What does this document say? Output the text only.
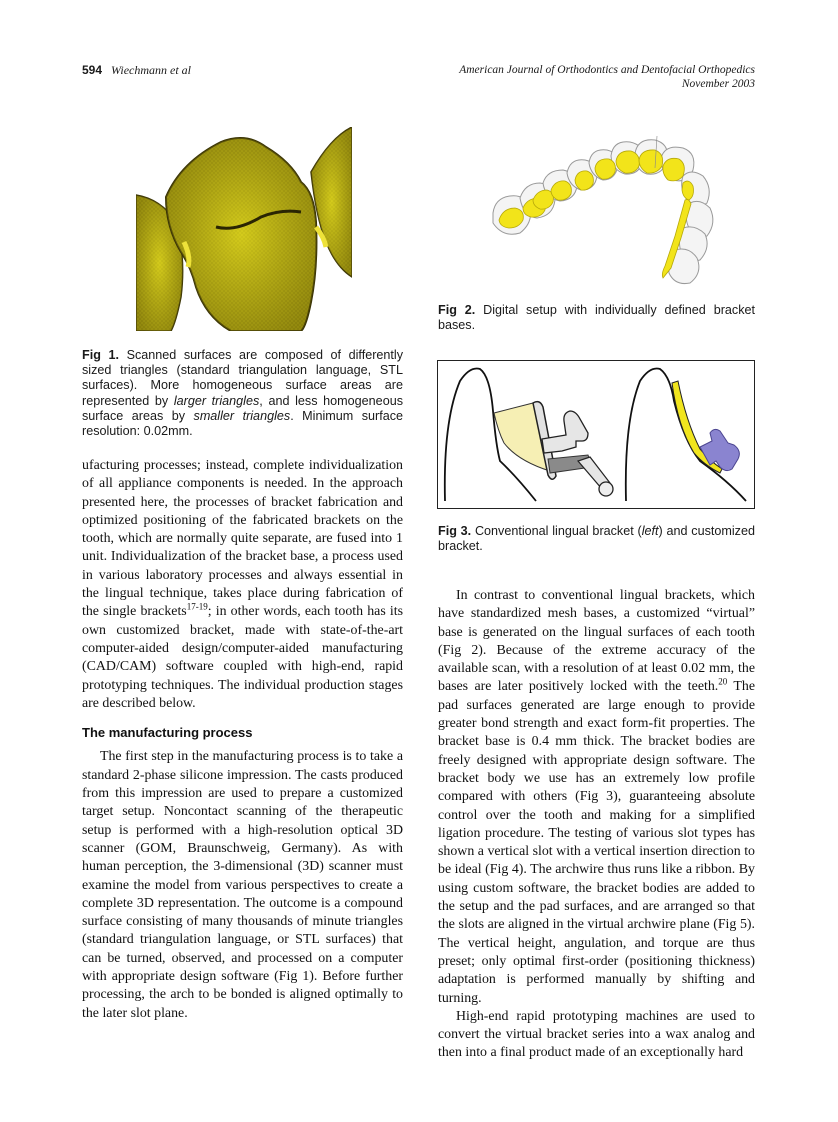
594 Wiechmann et al	American Journal of Orthodontics and Dentofacial Orthopedics
November 2003
Fig 1. Scanned surfaces are composed of differently sized triangles (standard triangulation language, STL surfaces). More homogeneous surface areas are represented by larger triangles, and less homogeneous surface areas by smaller triangles. Minimum surface resolution: 0.02mm.
Fig 2. Digital setup with individually defined bracket bases.
Fig 3. Conventional lingual bracket (left) and customized bracket.

ufacturing processes; instead, complete individualization of all appliance components is needed. In the approach presented here, the processes of bracket fabrication and optimized positioning of the fabricated brackets on the tooth, which are normally quite separate, are fused into 1 unit. Individualization of the bracket base, a process used in various laboratory processes and always essential in the lingual technique, takes place during fabrication of the single brackets$^{17-19}$; in other words, each tooth has its own customized bracket, made with state-of-the-art computer-aided design/computer-aided manufacturing (CAD/CAM) software coupled with high-end, rapid prototyping techniques. The individual production stages are described below.

The manufacturing process

The first step in the manufacturing process is to take a standard 2-phase silicone impression. The casts produced from this impression are used to prepare a customized target setup. Noncontact scanning of the therapeutic setup is performed with a high-resolution optical 3D scanner (GOM, Braunschweig, Germany). As with human perception, the 3-dimensional (3D) scanner must examine the model from various perspectives to create a complete 3D representation. The outcome is a compound surface consisting of many thousands of minute triangles (standard triangulation language, or STL surfaces) that can be turned, observed, and processed on a computer with appropriate design software (Fig 1). Before further processing, the arch to be bonded is aligned optimally to the later slot plane.

In contrast to conventional lingual brackets, which have standardized mesh bases, a customized “virtual” base is generated on the lingual surfaces of each tooth (Fig 2). Because of the extreme accuracy of the available scan, with a resolution of at least 0.02 mm, the bases are later positively locked with the teeth.$^{20}$ The pad surfaces generated are large enough to provide greater bond strength and exact form-fit properties. The bracket base is 0.4 mm thick. The bracket bodies are freely designed with appropriate design software. The bracket body we use has an extremely low profile compared with others (Fig 3), guaranteeing absolute control over the tooth and making for a simplified ligation procedure. The testing of various slot types has shown a vertical slot with a vertical insertion direction to be ideal (Fig 4). The archwire thus runs like a ribbon. By using custom software, the bracket bodies are added to the setup and the pad surfaces, and are arranged so that the slots are aligned in the virtual archwire plane (Fig 5). The vertical height, angulation, and torque are thus preset; only optimal first-order (positioning thickness) adaptation is performed manually by shifting and turning.

High-end rapid prototyping machines are used to convert the virtual bracket series into a wax analog and then into a final product made of an exceptionally hard
